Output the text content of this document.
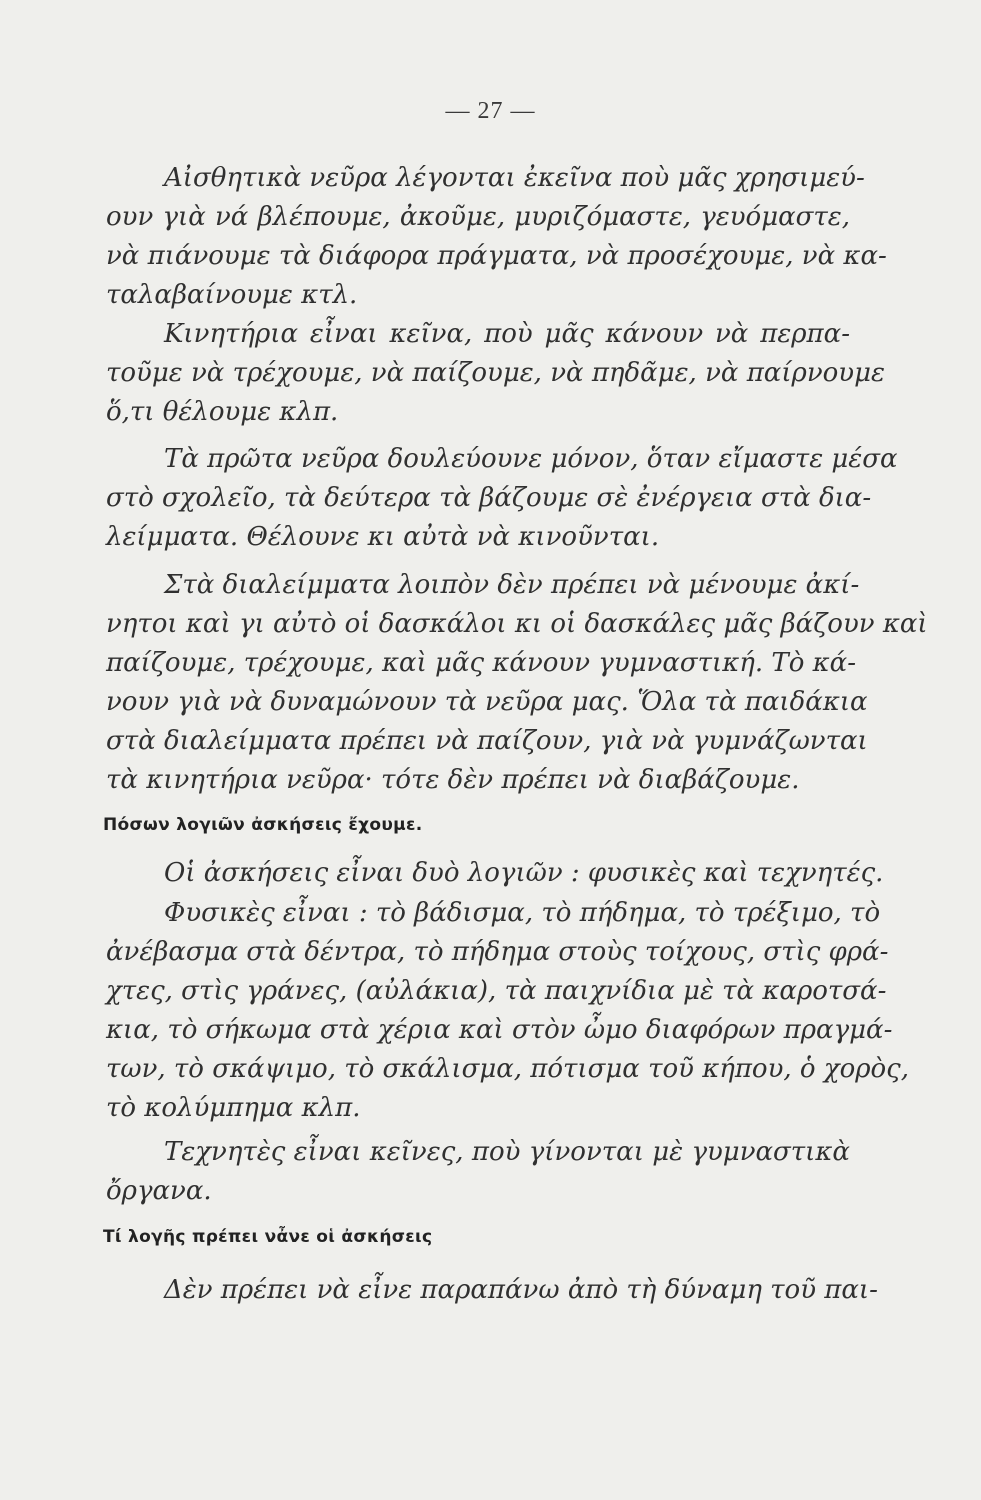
— 27 —
Αἰσθητικὰ νεῦρα λέγονται ἐκεῖνα ποὺ μᾶς χρησιμεύ-
ουν γιὰ νά βλέπουμε, ἀκοῦμε, μυριζόμαστε, γευόμαστε,
νὰ πιάνουμε τὰ διάφορα πράγματα, νὰ προσέχουμε, νὰ κα-
ταλαβαίνουμε κτλ.
Κινητήρια εἶναι κεῖνα, ποὺ μᾶς κάνουν νὰ περπα-
τοῦμε νὰ τρέχουμε, νὰ παίζουμε, νὰ πηδᾶμε, νὰ παίρνουμε
ὅ,τι θέλουμε κλπ.
Τὰ πρῶτα νεῦρα δουλεύουνε μόνον, ὅταν εἴμαστε μέσα
στὸ σχολεῖο, τὰ δεύτερα τὰ βάζουμε σὲ ἐνέργεια στὰ δια-
λείμματα. Θέλουνε κι αὐτὰ νὰ κινοῦνται.
Στὰ διαλείμματα λοιπὸν δὲν πρέπει νὰ μένουμε ἀκί-
νητοι καὶ γι αὐτὸ οἱ δασκάλοι κι οἱ δασκάλες μᾶς βάζουν καὶ
παίζουμε, τρέχουμε, καὶ μᾶς κάνουν γυμναστική. Τὸ κά-
νουν γιὰ νὰ δυναμώνουν τὰ νεῦρα μας. Ὅλα τὰ παιδάκια
στὰ διαλείμματα πρέπει νὰ παίζουν, γιὰ νὰ γυμνάζωνται
τὰ κινητήρια νεῦρα· τότε δὲν πρέπει νὰ διαβάζουμε.
Πόσων λογιῶν ἀσκήσεις ἔχουμε.
Οἱ ἀσκήσεις εἶναι δυὸ λογιῶν : φυσικὲς καὶ τεχνητές.
Φυσικὲς εἶναι : τὸ βάδισμα, τὸ πήδημα, τὸ τρέξιμο, τὸ
ἀνέβασμα στὰ δέντρα, τὸ πήδημα στοὺς τοίχους, στὶς φρά-
χτες, στὶς γράνες, (αὐλάκια), τὰ παιχνίδια μὲ τὰ καροτσά-
κια, τὸ σήκωμα στὰ χέρια καὶ στὸν ὦμο διαφόρων πραγμά-
των, τὸ σκάψιμο, τὸ σκάλισμα, πότισμα τοῦ κήπου, ὁ χορὸς,
τὸ κολύμπημα κλπ.
Τεχνητὲς εἶναι κεῖνες, ποὺ γίνονται μὲ γυμναστικὰ
ὄργανα.
Τί λογῆς πρέπει νἆνε οἱ ἀσκήσεις
Δὲν πρέπει νὰ εἶνε παραπάνω ἀπὸ τὴ δύναμη τοῦ παι-
